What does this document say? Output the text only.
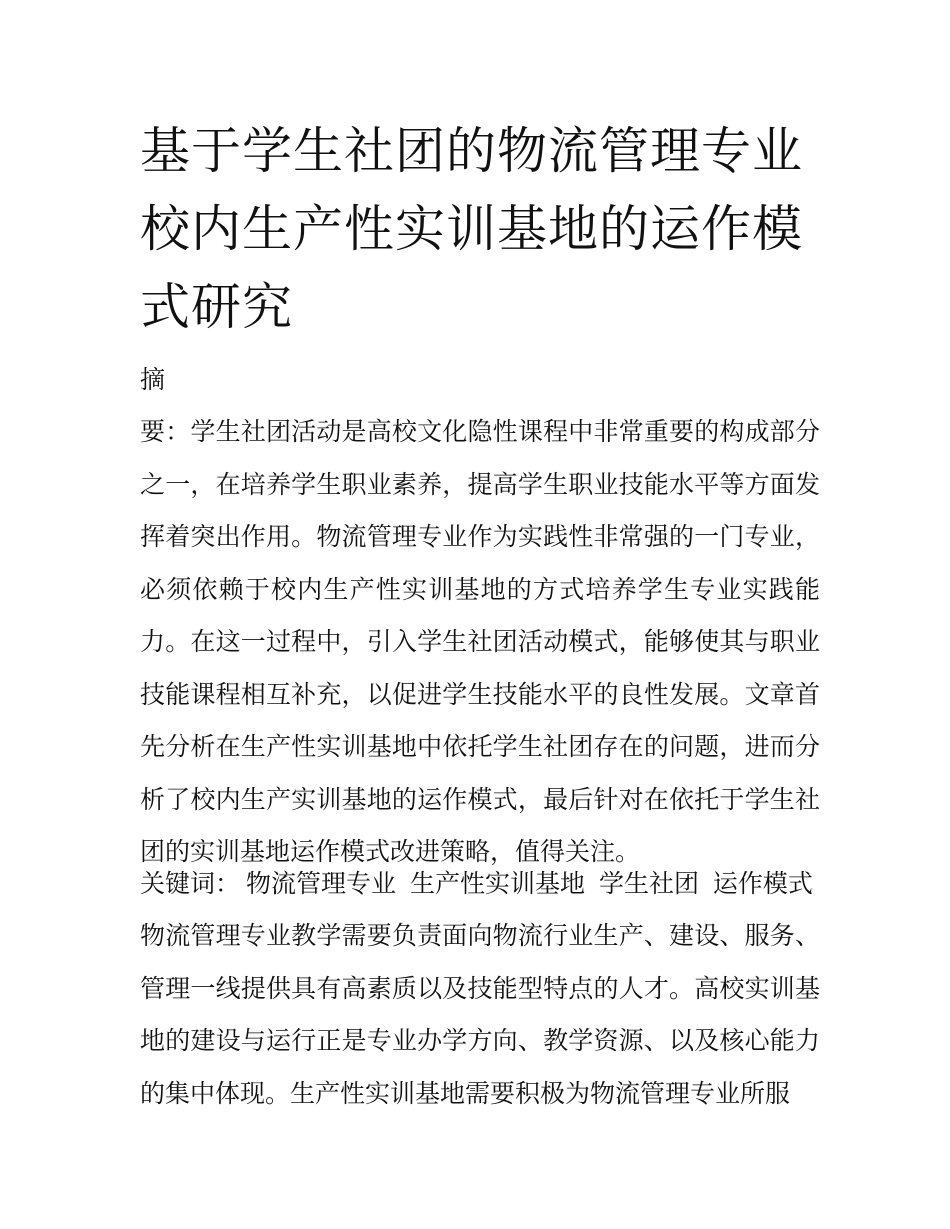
基于学生社团的物流管理专业校内生产性实训基地的运作模式研究

摘

要：学生社团活动是高校文化隐性课程中非常重要的构成部分之一，在培养学生职业素养，提高学生职业技能水平等方面发挥着突出作用。物流管理专业作为实践性非常强的一门专业，必须依赖于校内生产性实训基地的方式培养学生专业实践能力。在这一过程中，引入学生社团活动模式，能够使其与职业技能课程相互补充，以促进学生技能水平的良性发展。文章首先分析在生产性实训基地中依托学生社团存在的问题，进而分析了校内生产实训基地的运作模式，最后针对在依托于学生社团的实训基地运作模式改进策略，值得关注。

关键词： 物流管理专业 生产性实训基地 学生社团 运作模式

物流管理专业教学需要负责面向物流行业生产、建设、服务、管理一线提供具有高素质以及技能型特点的人才。高校实训基地的建设与运行正是专业办学方向、教学资源、以及核心能力的集中体现。生产性实训基地需要积极为物流管理专业所服
